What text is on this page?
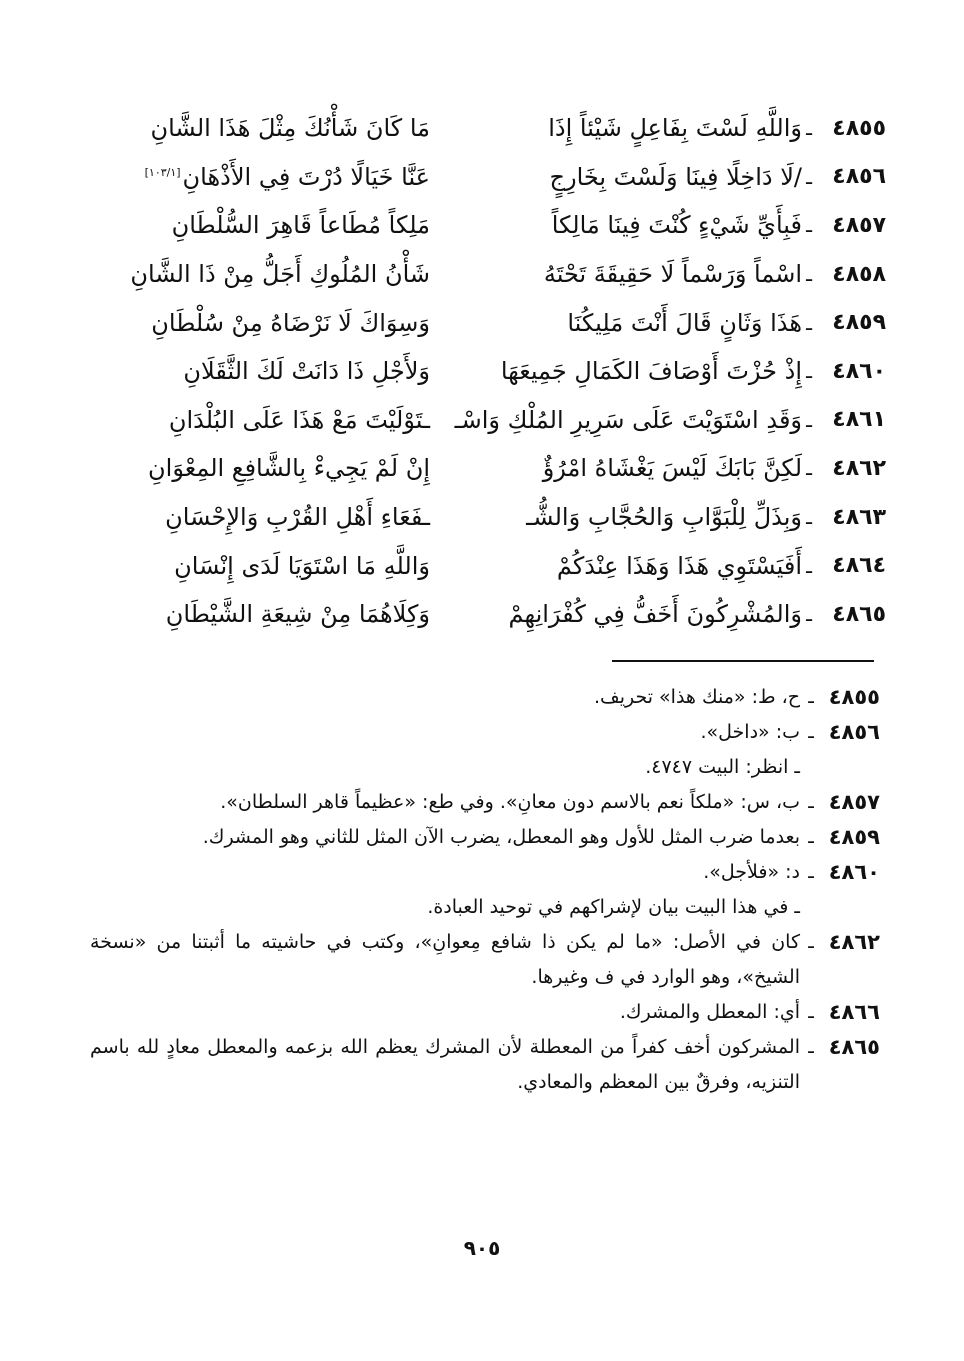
٤٨٥٥
ـ
وَاللَّهِ لَسْتَ بِفَاعِلٍ شَيْئاً إِذَا
مَا كَانَ شَأْنُكَ مِثْلَ هَذَا الشَّانِ
٤٨٥٦
ـ
/لَا دَاخِلًا فِينَا وَلَسْتَ بِخَارِجٍ
عَنَّا خَيَالًا دُرْتَ فِي الأَذْهَانِ[١٠٣/١]
٤٨٥٧
ـ
فَبِأَيِّ شَيْءٍ كُنْتَ فِينَا مَالِكاً
مَلِكاً مُطَاعاً قَاهِرَ السُّلْطَانِ
٤٨٥٨
ـ
اسْماً وَرَسْماً لَا حَقِيقَةَ تَحْتَهُ
شَأْنُ المُلُوكِ أَجَلُّ مِنْ ذَا الشَّانِ
٤٨٥٩
ـ
هَذَا وَثَانٍ قَالَ أَنْتَ مَلِيكُنَا
وَسِوَاكَ لَا نَرْضَاهُ مِنْ سُلْطَانِ
٤٨٦٠
ـ
إِذْ حُزْتَ أَوْصَافَ الكَمَالِ جَمِيعَهَا
وَلأَجْلِ ذَا دَانَتْ لَكَ الثَّقَلَانِ
٤٨٦١
ـ
وَقَدِ اسْتَوَيْتَ عَلَى سَرِيرِ المُلْكِ وَاسْـ
ـتَوْلَيْتَ مَعْ هَذَا عَلَى البُلْدَانِ
٤٨٦٢
ـ
لَكِنَّ بَابَكَ لَيْسَ يَغْشَاهُ امْرُؤٌ
إِنْ لَمْ يَجِيءْ بِالشَّافِعِ المِعْوَانِ
٤٨٦٣
ـ
وَبِذَلِّ لِلْبَوَّابِ وَالحُجَّابِ وَالشُّـ
ـفَعَاءِ أَهْلِ القُرْبِ وَالإِحْسَانِ
٤٨٦٤
ـ
أَفَيَسْتَوِي هَذَا وَهَذَا عِنْدَكُمْ
وَاللَّهِ مَا اسْتَوَيَا لَدَى إِنْسَانِ
٤٨٦٥
ـ
وَالمُشْرِكُونَ أَخَفُّ فِي كُفْرَانِهِمْ
وَكِلَاهُمَا مِنْ شِيعَةِ الشَّيْطَانِ
٤٨٥٥
ـ
ح، ط: «منك هذا» تحريف.
٤٨٥٦
ـ
ب: «داخل».
ـ انظر: البيت ٤٧٤٧.
٤٨٥٧
ـ
ب، س: «ملكاً نعم بالاسم دون معانِ». وفي طع: «عظيماً قاهر السلطان».
٤٨٥٩
ـ
بعدما ضرب المثل للأول وهو المعطل، يضرب الآن المثل للثاني وهو المشرك.
٤٨٦٠
ـ
د: «فلأجل».
ـ في هذا البيت بيان لإشراكهم في توحيد العبادة.
٤٨٦٢
ـ
كان في الأصل: «ما لم يكن ذا شافع مِعوانِ»، وكتب في حاشيته ما أثبتنا من «نسخة الشيخ»، وهو الوارد في ف وغيرها.
٤٨٦٦
ـ
أي: المعطل والمشرك.
٤٨٦٥
ـ
المشركون أخف كفراً من المعطلة لأن المشرك يعظم الله بزعمه والمعطل معادٍ لله باسم التنزيه، وفرقٌ بين المعظم والمعادي.
٩٠٥
